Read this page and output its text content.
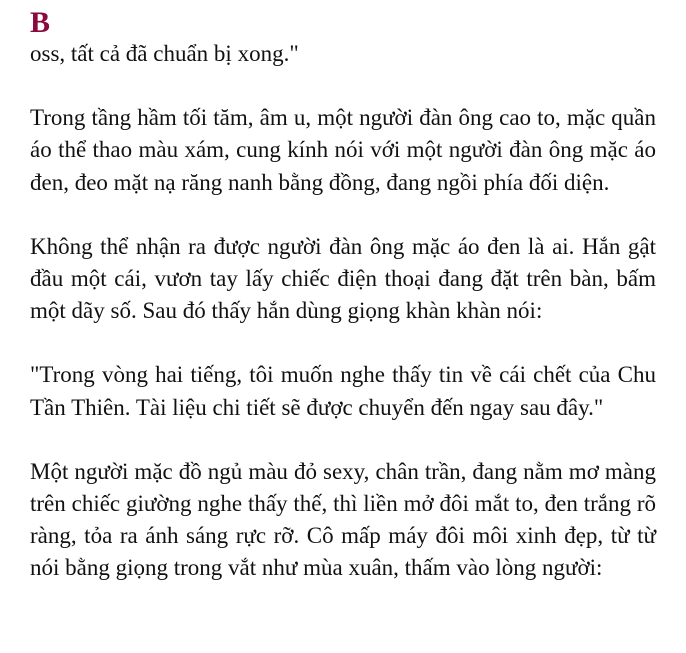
B

oss, tất cả đã chuẩn bị xong."

Trong tầng hầm tối tăm, âm u, một người đàn ông cao to, mặc quần áo thể thao màu xám, cung kính nói với một người đàn ông mặc áo đen, đeo mặt nạ răng nanh bằng đồng, đang ngồi phía đối diện.

Không thể nhận ra được người đàn ông mặc áo đen là ai. Hắn gật đầu một cái, vươn tay lấy chiếc điện thoại đang đặt trên bàn, bấm một dãy số. Sau đó thấy hắn dùng giọng khàn khàn nói:

"Trong vòng hai tiếng, tôi muốn nghe thấy tin về cái chết của Chu Tần Thiên. Tài liệu chi tiết sẽ được chuyển đến ngay sau đây."

Một người mặc đồ ngủ màu đỏ sexy, chân trần, đang nằm mơ màng trên chiếc giường nghe thấy thế, thì liền mở đôi mắt to, đen trắng rõ ràng, tỏa ra ánh sáng rực rỡ. Cô mấp máy đôi môi xinh đẹp, từ từ nói bằng giọng trong vắt như mùa xuân, thấm vào lòng người:
